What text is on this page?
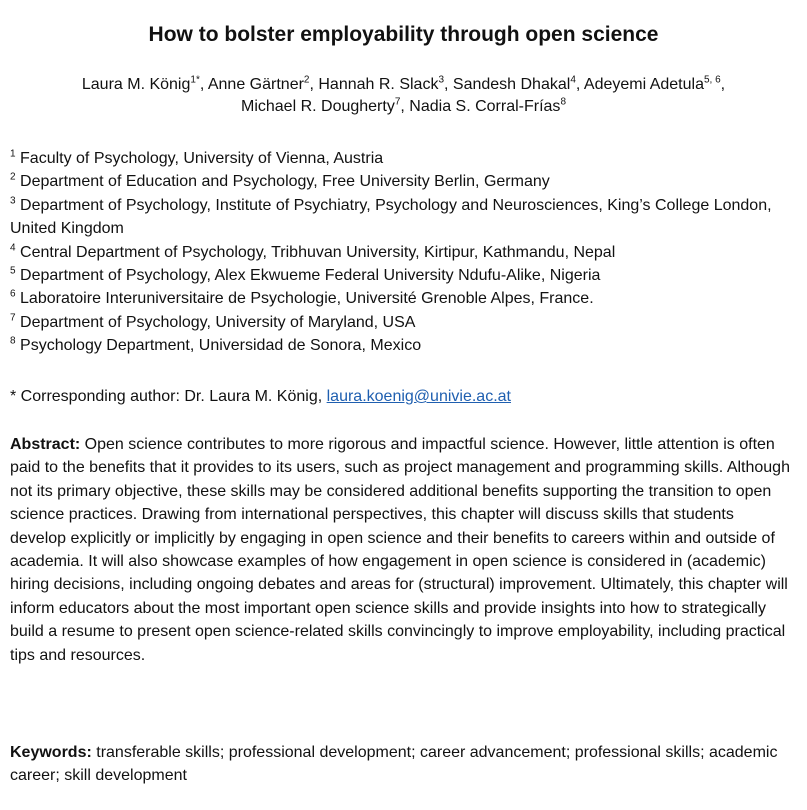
How to bolster employability through open science
Laura M. König$^{1*}$, Anne Gärtner$^2$, Hannah R. Slack$^3$, Sandesh Dhakal$^4$, Adeyemi Adetula$^{5, 6}$,
Michael R. Dougherty$^7$, Nadia S. Corral-Frías$^8$
$^1$ Faculty of Psychology, University of Vienna, Austria
$^2$ Department of Education and Psychology, Free University Berlin, Germany
$^3$ Department of Psychology, Institute of Psychiatry, Psychology and Neurosciences, King’s College London, United Kingdom
$^4$ Central Department of Psychology, Tribhuvan University, Kirtipur, Kathmandu, Nepal
$^5$ Department of Psychology, Alex Ekwueme Federal University Ndufu-Alike, Nigeria
$^6$ Laboratoire Interuniversitaire de Psychologie, Université Grenoble Alpes, France.
$^7$ Department of Psychology, University of Maryland, USA
$^8$ Psychology Department, Universidad de Sonora, Mexico
* Corresponding author: Dr. Laura M. König, laura.koenig@univie.ac.at
Abstract: Open science contributes to more rigorous and impactful science. However, little attention is often paid to the benefits that it provides to its users, such as project management and programming skills. Although not its primary objective, these skills may be considered additional benefits supporting the transition to open science practices. Drawing from international perspectives, this chapter will discuss skills that students develop explicitly or implicitly by engaging in open science and their benefits to careers within and outside of academia. It will also showcase examples of how engagement in open science is considered in (academic) hiring decisions, including ongoing debates and areas for (structural) improvement. Ultimately, this chapter will inform educators about the most important open science skills and provide insights into how to strategically build a resume to present open science-related skills convincingly to improve employability, including practical tips and resources.
Keywords: transferable skills; professional development; career advancement; professional skills; academic career; skill development
